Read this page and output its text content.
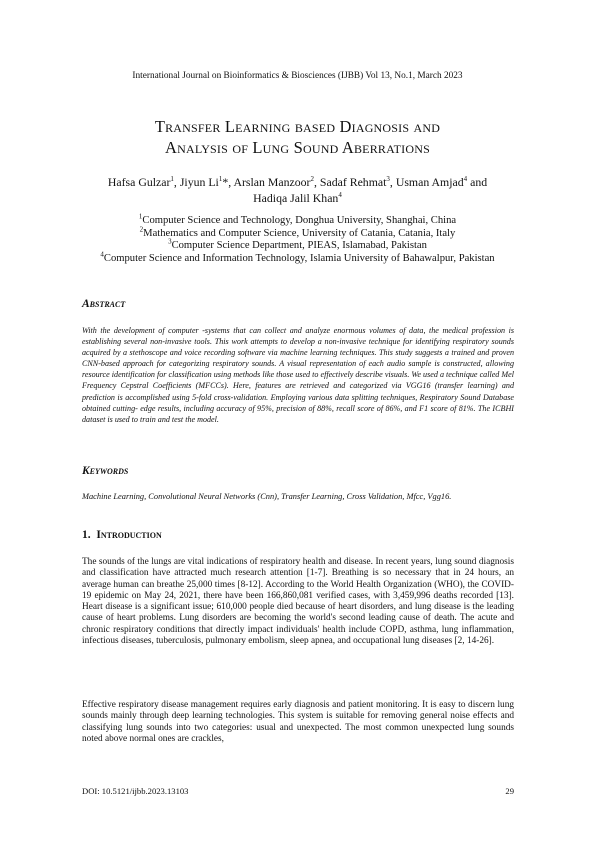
International Journal on Bioinformatics & Biosciences (IJBB) Vol 13, No.1, March 2023
Transfer Learning based Diagnosis and
Analysis of Lung Sound Aberrations
Hafsa Gulzar$^1$, Jiyun Li$^1$*, Arslan Manzoor$^2$, Sadaf Rehmat$^3$, Usman Amjad$^4$ and
Hadiqa Jalil Khan$^4$
$^1$Computer Science and Technology, Donghua University, Shanghai, China
$^2$Mathematics and Computer Science, University of Catania, Catania, Italy
$^3$Computer Science Department, PIEAS, Islamabad, Pakistan
$^4$Computer Science and Information Technology, Islamia University of Bahawalpur, Pakistan
Abstract
With the development of computer -systems that can collect and analyze enormous volumes of data, the medical profession is establishing several non-invasive tools. This work attempts to develop a non-invasive technique for identifying respiratory sounds acquired by a stethoscope and voice recording software via machine learning techniques. This study suggests a trained and proven CNN-based approach for categorizing respiratory sounds. A visual representation of each audio sample is constructed, allowing resource identification for classification using methods like those used to effectively describe visuals. We used a technique called Mel Frequency Cepstral Coefficients (MFCCs). Here, features are retrieved and categorized via VGG16 (transfer learning) and prediction is accomplished using 5-fold cross-validation. Employing various data splitting techniques, Respiratory Sound Database obtained cutting- edge results, including accuracy of 95%, precision of 88%, recall score of 86%, and F1 score of 81%. The ICBHI dataset is used to train and test the model.
Keywords
Machine Learning, Convolutional Neural Networks (Cnn), Transfer Learning, Cross Validation, Mfcc, Vgg16.
1. Introduction
The sounds of the lungs are vital indications of respiratory health and disease. In recent years, lung sound diagnosis and classification have attracted much research attention [1-7]. Breathing is so necessary that in 24 hours, an average human can breathe 25,000 times [8-12]. According to the World Health Organization (WHO), the COVID-19 epidemic on May 24, 2021, there have been 166,860,081 verified cases, with 3,459,996 deaths recorded [13]. Heart disease is a significant issue; 610,000 people died because of heart disorders, and lung disease is the leading cause of heart problems. Lung disorders are becoming the world's second leading cause of death. The acute and chronic respiratory conditions that directly impact individuals' health include COPD, asthma, lung inflammation, infectious diseases, tuberculosis, pulmonary embolism, sleep apnea, and occupational lung diseases [2, 14-26].
Effective respiratory disease management requires early diagnosis and patient monitoring. It is easy to discern lung sounds mainly through deep learning technologies. This system is suitable for removing general noise effects and classifying lung sounds into two categories: usual and unexpected. The most common unexpected lung sounds noted above normal ones are crackles,
DOI: 10.5121/ijbb.2023.13103	29
